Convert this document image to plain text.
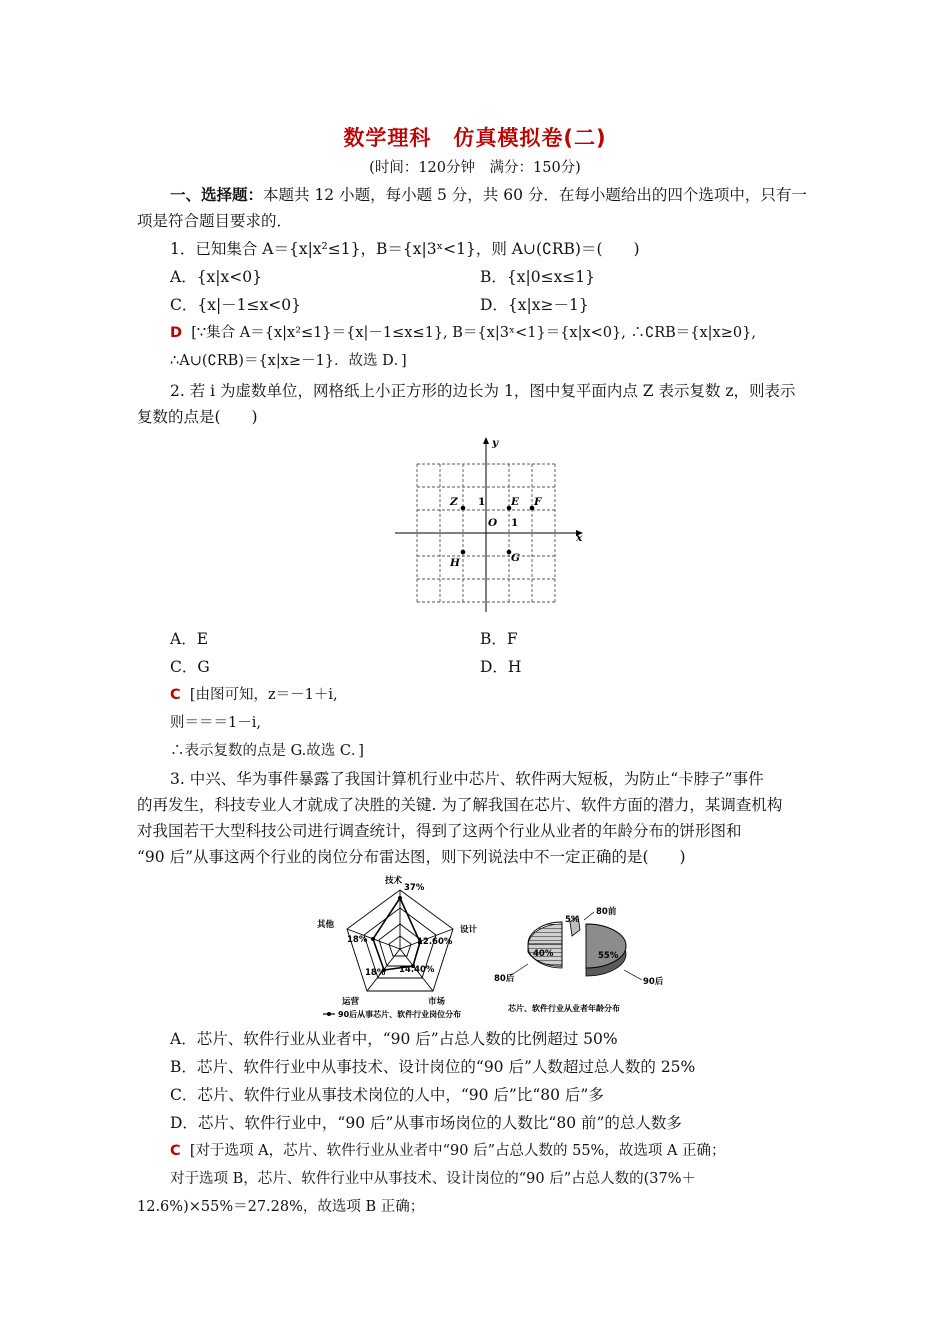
数学理科　仿真模拟卷(二)
(时间：120分钟　满分：150分)
一、选择题：本题共 12 小题，每小题 5 分，共 60 分．在每小题给出的四个选项中，只有一
项是符合题目要求的．
1．已知集合 A＝{x|x²≤1}，B＝{x|3ˣ<1}，则 A∪(∁RB)＝(　　)
A．{x|x<0}	B．{x|0≤x≤1}
C．{x|－1≤x<0}	D．{x|x≥－1}
D [∵集合 A＝{x|x²≤1}＝{x|－1≤x≤1}, B＝{x|3ˣ<1}＝{x|x<0}, ∴∁RB＝{x|x≥0},
∴A∪(∁RB)＝{x|x≥－1}．故选 D．]
2. 若 i 为虚数单位，网格纸上小正方形的边长为 1，图中复平面内点 Z 表示复数 z，则表示
复数的点是(　　)
y
x
O
Z	E F
H	G
1
1
A．E	B．F
C．G	D．H
C [由图可知，z＝－1＋i,
则＝＝＝1－i,
∴表示复数的点是 G.故选 C．]
3. 中兴、华为事件暴露了我国计算机行业中芯片、软件两大短板，为防止“卡脖子”事件
的再发生，科技专业人才就成了决胜的关键. 为了解我国在芯片、软件方面的潜力，某调查机构
对我国若干大型科技公司进行调查统计，得到了这两个行业从业者的年龄分布的饼形图和
“90 后”从事这两个行业的岗位分布雷达图，则下列说法中不一定正确的是(　　)
技术
37%
设计
12.60%
市场
14.40%
运营
18%
其他
18%
90后从事芯片、软件行业岗位分布
40%
5%
55%
80后
80前
90后
芯片、软件行业从业者年龄分布
A．芯片、软件行业从业者中，“90 后”占总人数的比例超过 50%
B．芯片、软件行业中从事技术、设计岗位的“90 后”人数超过总人数的 25%
C．芯片、软件行业从事技术岗位的人中，“90 后”比“80 后”多
D．芯片、软件行业中，“90 后”从事市场岗位的人数比“80 前”的总人数多
C [对于选项 A，芯片、软件行业从业者中“90 后”占总人数的 55%，故选项 A 正确；
对于选项 B，芯片、软件行业中从事技术、设计岗位的“90 后”占总人数的(37%＋
12.6%)×55%＝27.28%，故选项 B 正确；
